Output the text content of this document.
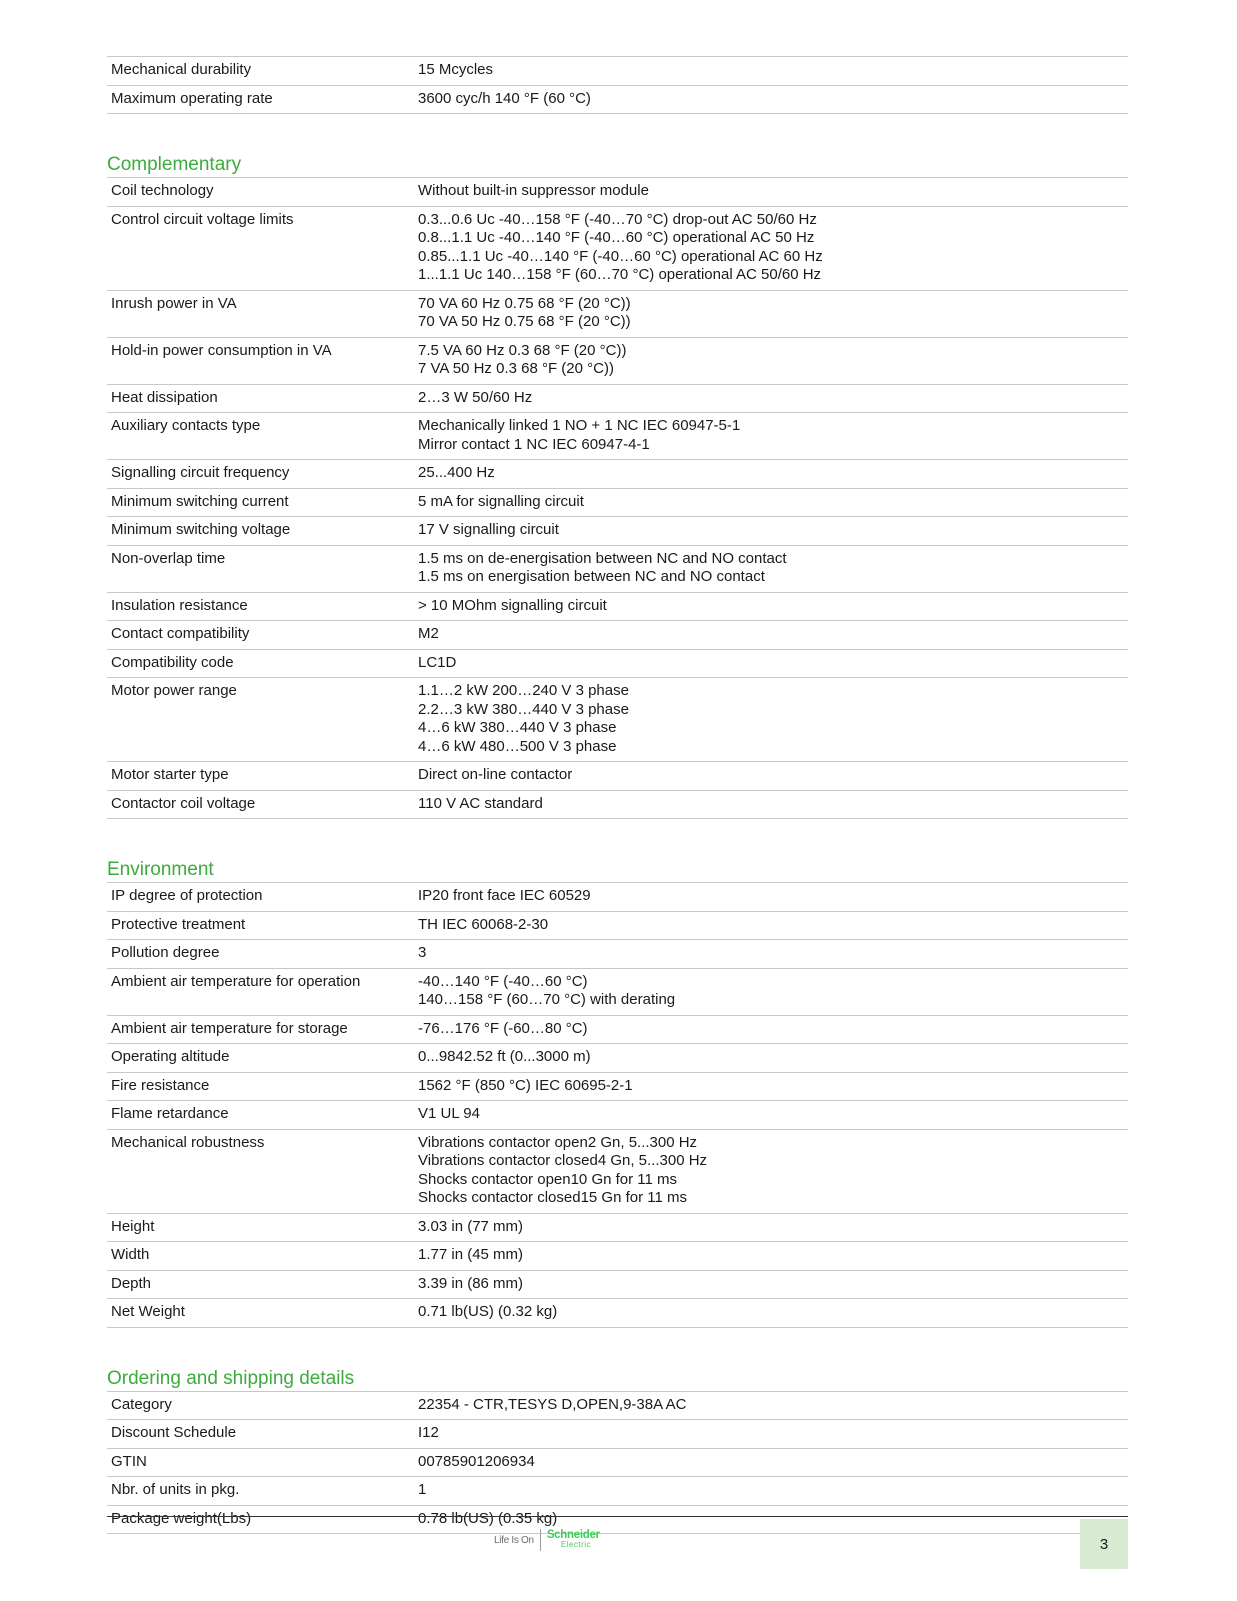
Mechanical durability	15 Mcycles

Maximum operating rate	3600 cyc/h 140 °F (60 °C)
Complementary
Coil technology	Without built-in suppressor module

Control circuit voltage limits	0.3...0.6 Uc -40…158 °F (-40…70 °C) drop-out AC 50/60 Hz
0.8...1.1 Uc -40…140 °F (-40…60 °C) operational AC 50 Hz
0.85...1.1 Uc -40…140 °F (-40…60 °C) operational AC 60 Hz
1...1.1 Uc 140…158 °F (60…70 °C) operational AC 50/60 Hz

Inrush power in VA	70 VA 60 Hz 0.75 68 °F (20 °C))
70 VA 50 Hz 0.75 68 °F (20 °C))

Hold-in power consumption in VA	7.5 VA 60 Hz 0.3 68 °F (20 °C))
7 VA 50 Hz 0.3 68 °F (20 °C))

Heat dissipation	2…3 W 50/60 Hz

Auxiliary contacts type	Mechanically linked 1 NO + 1 NC IEC 60947-5-1
Mirror contact 1 NC IEC 60947-4-1

Signalling circuit frequency	25...400 Hz

Minimum switching current	5 mA for signalling circuit

Minimum switching voltage	17 V signalling circuit

Non-overlap time	1.5 ms on de-energisation between NC and NO contact
1.5 ms on energisation between NC and NO contact

Insulation resistance	> 10 MOhm signalling circuit

Contact compatibility	M2

Compatibility code	LC1D

Motor power range	1.1…2 kW 200…240 V 3 phase
2.2…3 kW 380…440 V 3 phase
4…6 kW 380…440 V 3 phase
4…6 kW 480…500 V 3 phase

Motor starter type	Direct on-line contactor

Contactor coil voltage	110 V AC standard
Environment
IP degree of protection	IP20 front face IEC 60529

Protective treatment	TH IEC 60068-2-30

Pollution degree	3

Ambient air temperature for operation	-40…140 °F (-40…60 °C)
140…158 °F (60…70 °C) with derating

Ambient air temperature for storage	-76…176 °F (-60…80 °C)

Operating altitude	0...9842.52 ft (0...3000 m)

Fire resistance	1562 °F (850 °C) IEC 60695-2-1

Flame retardance	V1 UL 94

Mechanical robustness	Vibrations contactor open2 Gn, 5...300 Hz
Vibrations contactor closed4 Gn, 5...300 Hz
Shocks contactor open10 Gn for 11 ms
Shocks contactor closed15 Gn for 11 ms

Height	3.03 in (77 mm)

Width	1.77 in (45 mm)

Depth	3.39 in (86 mm)

Net Weight	0.71 lb(US) (0.32 kg)
Ordering and shipping details
Category	22354 - CTR,TESYS D,OPEN,9-38A AC

Discount Schedule	I12

GTIN	00785901206934

Nbr. of units in pkg.	1

Package weight(Lbs)	0.78 lb(US) (0.35 kg)
Life Is On Schneider
Electric	3
